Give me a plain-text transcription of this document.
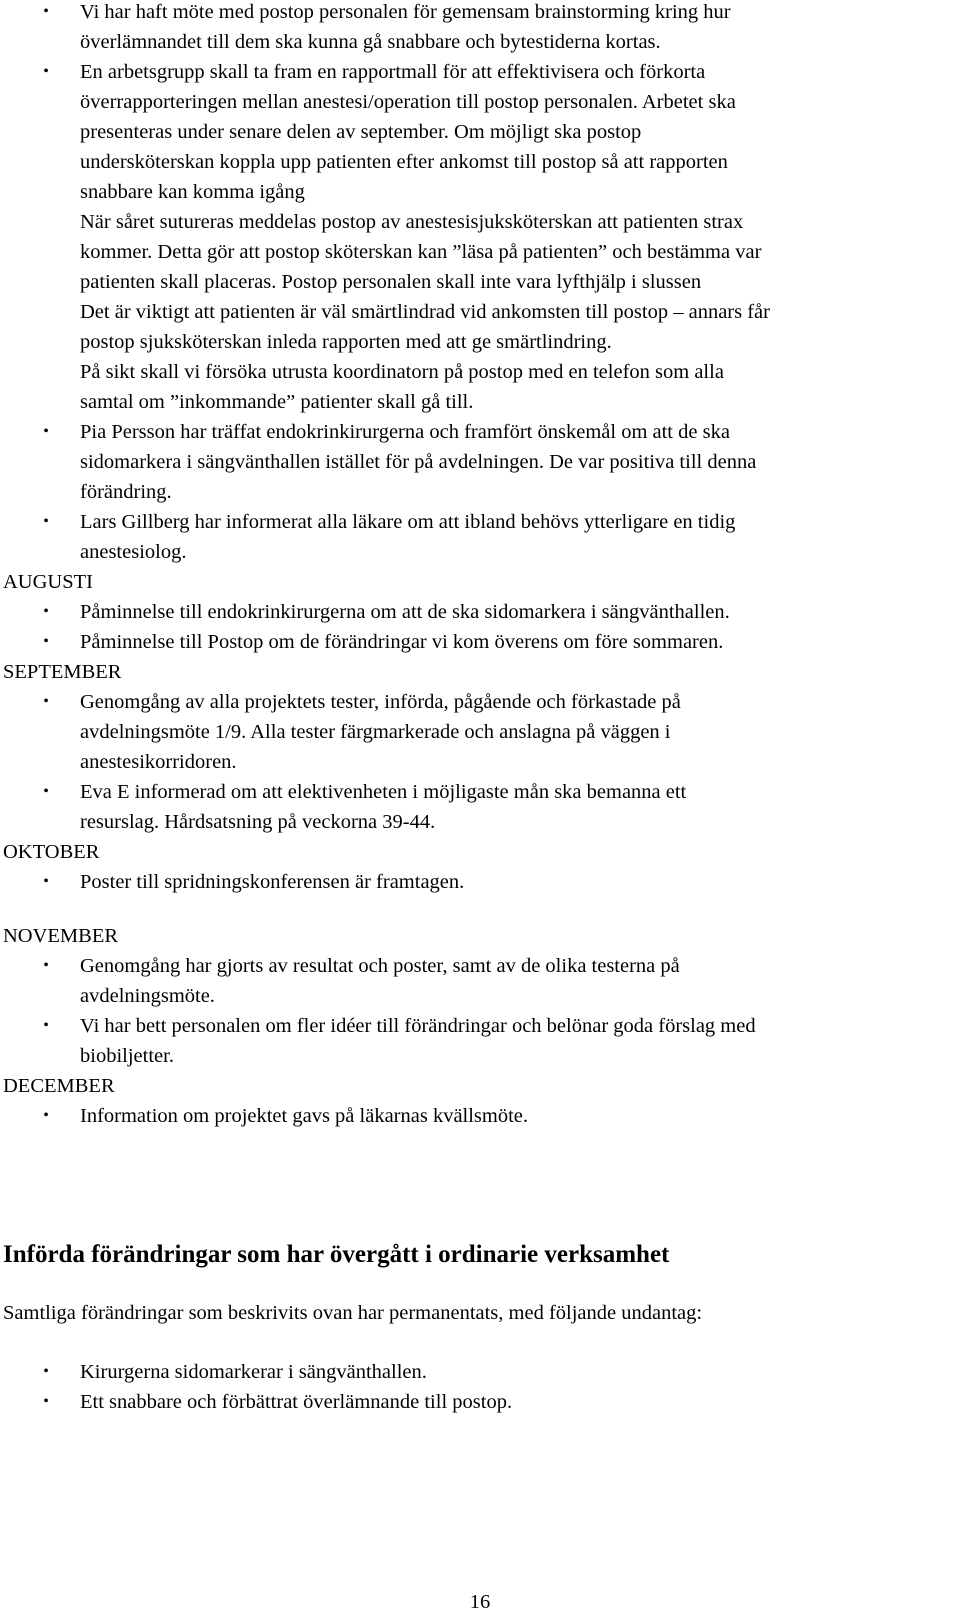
• Vi har haft möte med postop personalen för gemensam brainstorming kring hur
överlämnandet till dem ska kunna gå snabbare och bytestiderna kortas.
• En arbetsgrupp skall ta fram en rapportmall för att effektivisera och förkorta
överrapporteringen mellan anestesi/operation till postop personalen. Arbetet ska
presenteras under senare delen av september. Om möjligt ska postop
undersköterskan koppla upp patienten efter ankomst till postop så att rapporten
snabbare kan komma igång
När såret sutureras meddelas postop av anestesisjuksköterskan att patienten strax
kommer. Detta gör att postop sköterskan kan ”läsa på patienten” och bestämma var
patienten skall placeras. Postop personalen skall inte vara lyfthjälp i slussen
Det är viktigt att patienten är väl smärtlindrad vid ankomsten till postop – annars får
postop sjuksköterskan inleda rapporten med att ge smärtlindring.
På sikt skall vi försöka utrusta koordinatorn på postop med en telefon som alla
samtal om ”inkommande” patienter skall gå till.
• Pia Persson har träffat endokrinkirurgerna och framfört önskemål om att de ska
sidomarkera i sängvänthallen istället för på avdelningen. De var positiva till denna
förändring.
• Lars Gillberg har informerat alla läkare om att ibland behövs ytterligare en tidig
anestesiolog.

AUGUSTI

• Påminnelse till endokrinkirurgerna om att de ska sidomarkera i sängvänthallen.
• Påminnelse till Postop om de förändringar vi kom överens om före sommaren.

SEPTEMBER

• Genomgång av alla projektets tester, införda, pågående och förkastade på
avdelningsmöte 1/9. Alla tester färgmarkerade och anslagna på väggen i
anestesikorridoren.
• Eva E informerad om att elektivenheten i möjligaste mån ska bemanna ett
resurslag. Hårdsatsning på veckorna 39-44.

OKTOBER

• Poster till spridningskonferensen är framtagen.

NOVEMBER

• Genomgång har gjorts av resultat och poster, samt av de olika testerna på
avdelningsmöte.
• Vi har bett personalen om fler idéer till förändringar och belönar goda förslag med
biobiljetter.

DECEMBER

• Information om projektet gavs på läkarnas kvällsmöte.
Införda förändringar som har övergått i ordinarie verksamhet

Samtliga förändringar som beskrivits ovan har permanentats, med följande undantag:

• Kirurgerna sidomarkerar i sängvänthallen.
• Ett snabbare och förbättrat överlämnande till postop.

16
